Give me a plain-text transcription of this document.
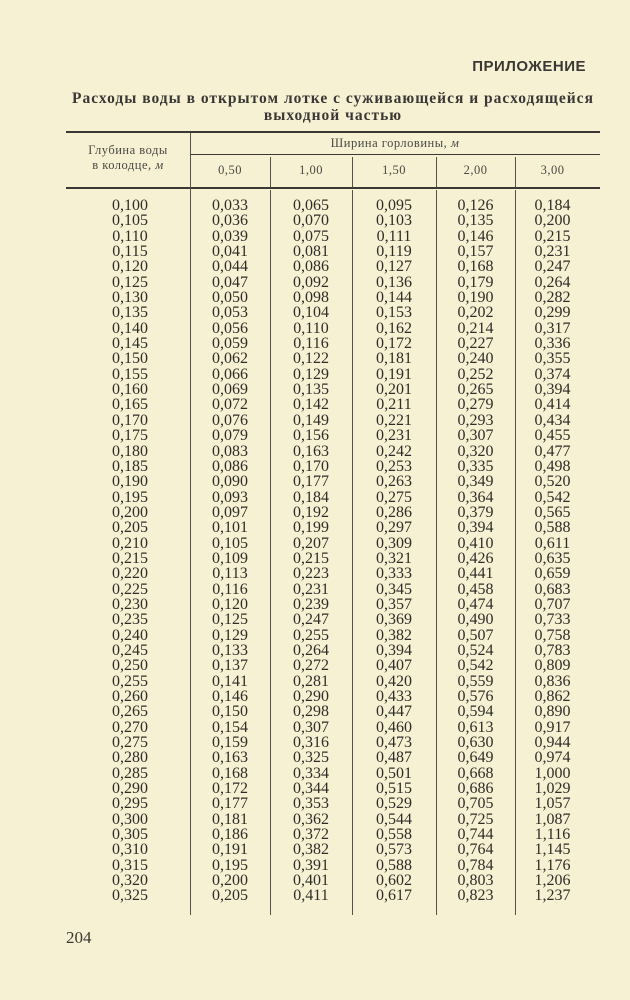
ПРИЛОЖЕНИЕ
Расходы воды в открытом лотке с суживающейся и расходящейся
выходной частью
Глубина воды
в колодце, м
Ширина горловины, м
0,50	1,00	1,50	2,00	3,00
0,100	0,033	0,065	0,095	0,126	0,184
0,105	0,036	0,070	0,103	0,135	0,200
0,110	0,039	0,075	0,111	0,146	0,215
0,115	0,041	0,081	0,119	0,157	0,231
0,120	0,044	0,086	0,127	0,168	0,247
0,125	0,047	0,092	0,136	0,179	0,264
0,130	0,050	0,098	0,144	0,190	0,282
0,135	0,053	0,104	0,153	0,202	0,299
0,140	0,056	0,110	0,162	0,214	0,317
0,145	0,059	0,116	0,172	0,227	0,336
0,150	0,062	0,122	0,181	0,240	0,355
0,155	0,066	0,129	0,191	0,252	0,374
0,160	0,069	0,135	0,201	0,265	0,394
0,165	0,072	0,142	0,211	0,279	0,414
0,170	0,076	0,149	0,221	0,293	0,434
0,175	0,079	0,156	0,231	0,307	0,455
0,180	0,083	0,163	0,242	0,320	0,477
0,185	0,086	0,170	0,253	0,335	0,498
0,190	0,090	0,177	0,263	0,349	0,520
0,195	0,093	0,184	0,275	0,364	0,542
0,200	0,097	0,192	0,286	0,379	0,565
0,205	0,101	0,199	0,297	0,394	0,588
0,210	0,105	0,207	0,309	0,410	0,611
0,215	0,109	0,215	0,321	0,426	0,635
0,220	0,113	0,223	0,333	0,441	0,659
0,225	0,116	0,231	0,345	0,458	0,683
0,230	0,120	0,239	0,357	0,474	0,707
0,235	0,125	0,247	0,369	0,490	0,733
0,240	0,129	0,255	0,382	0,507	0,758
0,245	0,133	0,264	0,394	0,524	0,783
0,250	0,137	0,272	0,407	0,542	0,809
0,255	0,141	0,281	0,420	0,559	0,836
0,260	0,146	0,290	0,433	0,576	0,862
0,265	0,150	0,298	0,447	0,594	0,890
0,270	0,154	0,307	0,460	0,613	0,917
0,275	0,159	0,316	0,473	0,630	0,944
0,280	0,163	0,325	0,487	0,649	0,974
0,285	0,168	0,334	0,501	0,668	1,000
0,290	0,172	0,344	0,515	0,686	1,029
0,295	0,177	0,353	0,529	0,705	1,057
0,300	0,181	0,362	0,544	0,725	1,087
0,305	0,186	0,372	0,558	0,744	1,116
0,310	0,191	0,382	0,573	0,764	1,145
0,315	0,195	0,391	0,588	0,784	1,176
0,320	0,200	0,401	0,602	0,803	1,206
0,325	0,205	0,411	0,617	0,823	1,237
204
